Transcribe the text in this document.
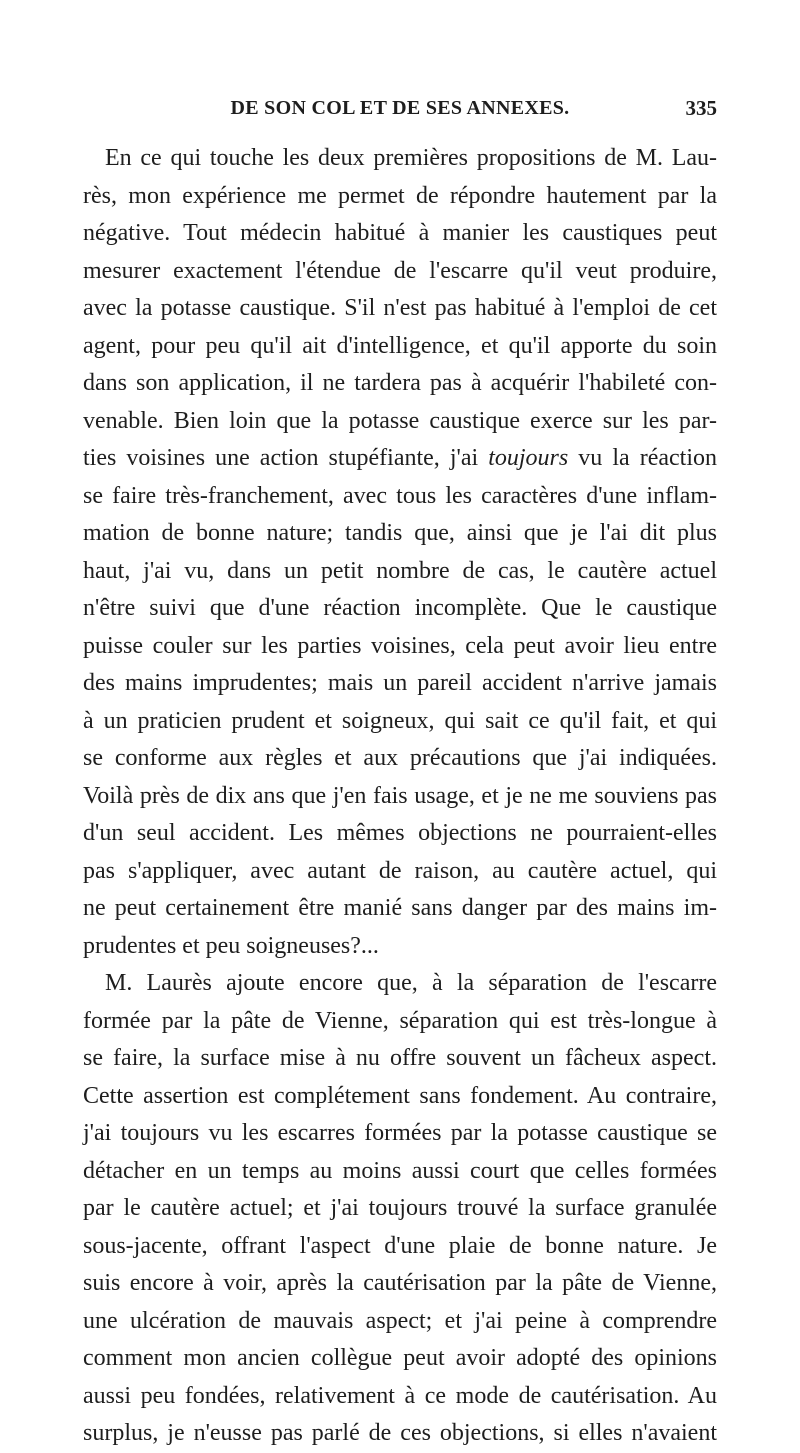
DE SON COL ET DE SES ANNEXES.	335
En ce qui touche les deux premières propositions de M. Lau-
rès, mon expérience me permet de répondre hautement par la
négative. Tout médecin habitué à manier les caustiques peut
mesurer exactement l'étendue de l'escarre qu'il veut produire,
avec la potasse caustique. S'il n'est pas habitué à l'emploi de cet
agent, pour peu qu'il ait d'intelligence, et qu'il apporte du soin
dans son application, il ne tardera pas à acquérir l'habileté con-
venable. Bien loin que la potasse caustique exerce sur les par-
ties voisines une action stupéfiante, j'ai toujours vu la réaction
se faire très-franchement, avec tous les caractères d'une inflam-
mation de bonne nature; tandis que, ainsi que je l'ai dit plus
haut, j'ai vu, dans un petit nombre de cas, le cautère actuel
n'être suivi que d'une réaction incomplète. Que le caustique
puisse couler sur les parties voisines, cela peut avoir lieu entre
des mains imprudentes; mais un pareil accident n'arrive jamais
à un praticien prudent et soigneux, qui sait ce qu'il fait, et qui
se conforme aux règles et aux précautions que j'ai indiquées.
Voilà près de dix ans que j'en fais usage, et je ne me souviens pas
d'un seul accident. Les mêmes objections ne pourraient-elles
pas s'appliquer, avec autant de raison, au cautère actuel, qui
ne peut certainement être manié sans danger par des mains im-
prudentes et peu soigneuses?...
M. Laurès ajoute encore que, à la séparation de l'escarre
formée par la pâte de Vienne, séparation qui est très-longue à
se faire, la surface mise à nu offre souvent un fâcheux aspect.
Cette assertion est complétement sans fondement. Au contraire,
j'ai toujours vu les escarres formées par la potasse caustique se
détacher en un temps au moins aussi court que celles formées
par le cautère actuel; et j'ai toujours trouvé la surface granulée
sous-jacente, offrant l'aspect d'une plaie de bonne nature. Je
suis encore à voir, après la cautérisation par la pâte de Vienne,
une ulcération de mauvais aspect; et j'ai peine à comprendre
comment mon ancien collègue peut avoir adopté des opinions
aussi peu fondées, relativement à ce mode de cautérisation. Au
surplus, je n'eusse pas parlé de ces objections, si elles n'avaient
